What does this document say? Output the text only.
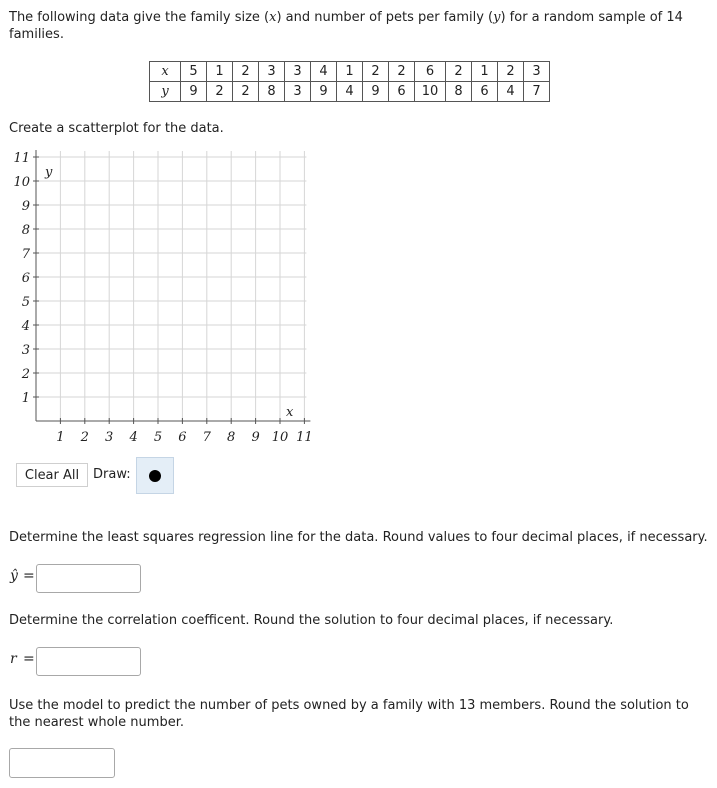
The following data give the family size (x) and number of pets per family (y) for a random sample of 14 families.
x	5	1	2	3	3	4	1	2	2	6	2	1	2	3
y	9	2	2	8	3	9	4	9	6	10	8	6	4	7
Create a scatterplot for the data.
1 2 3 4 5 6 7 8 9 10 11
11
10
9
8
7
6
5
4
3
2
1
y
x
Clear All	Draw:
Determine the least squares regression line for the data. Round values to four decimal places, if necessary.
ŷ =
Determine the correlation coefficent. Round the solution to four decimal places, if necessary.
r =
Use the model to predict the number of pets owned by a family with 13 members. Round the solution to the nearest whole number.
